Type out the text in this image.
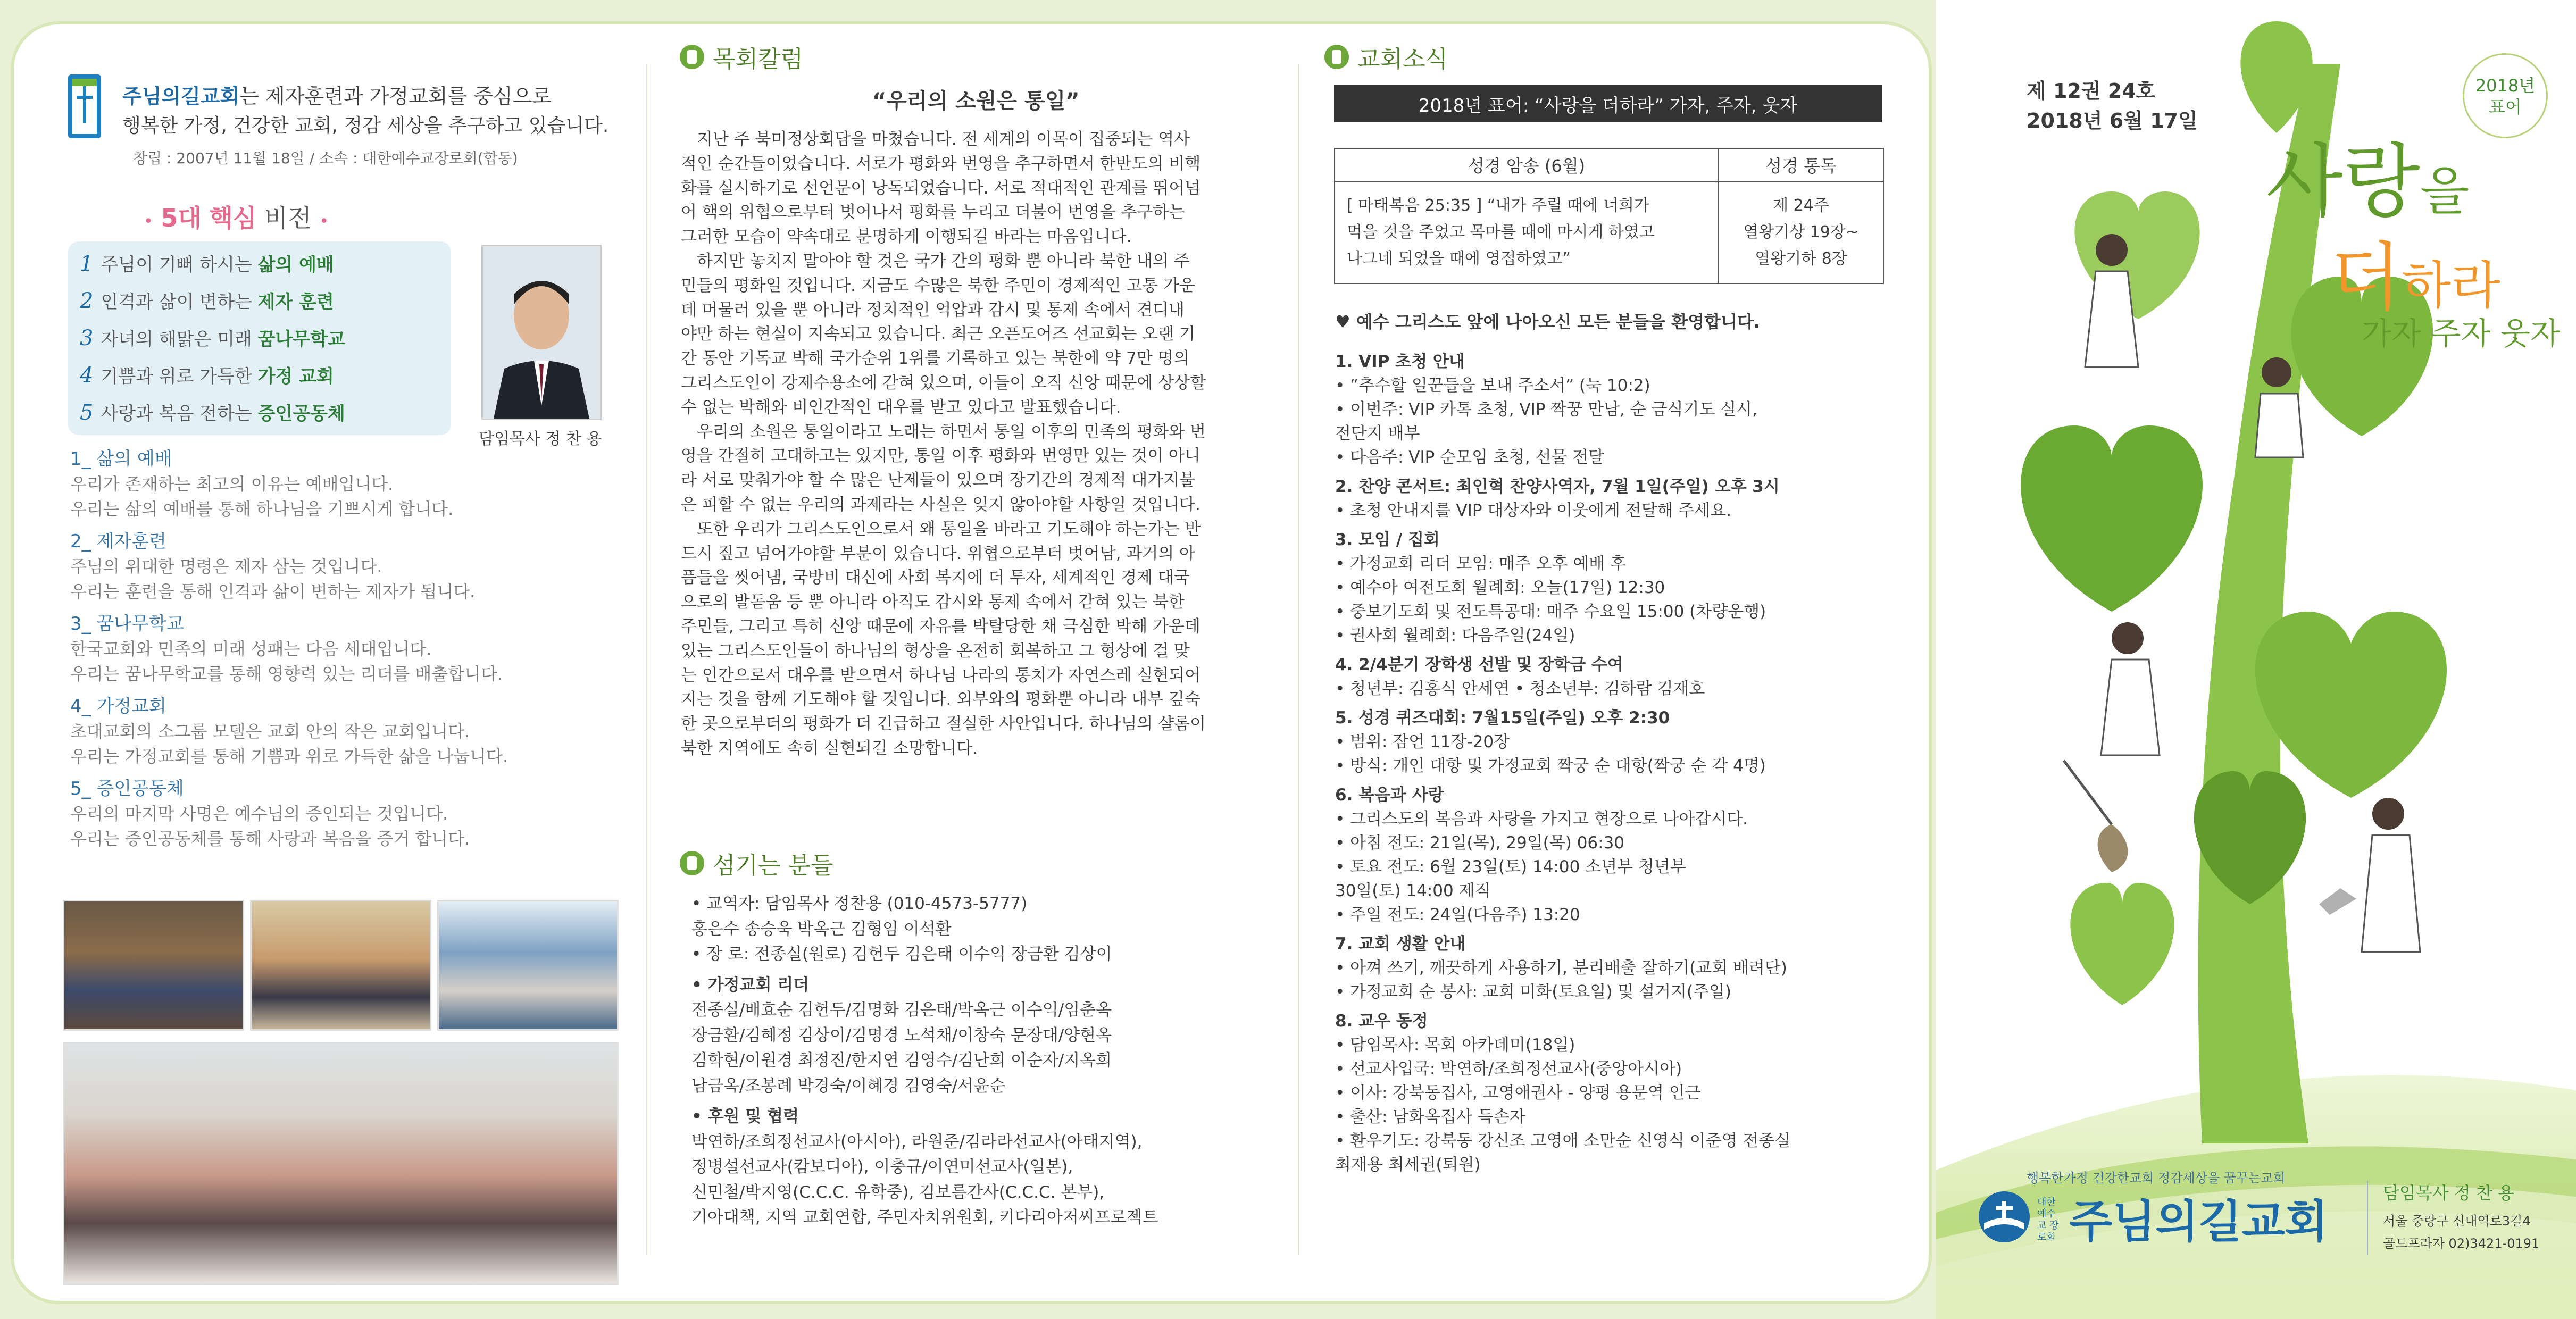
주님의길교회는 제자훈련과 가정교회를 중심으로
행복한 가정, 건강한 교회, 정감 세상을 추구하고 있습니다.
창립 : 2007년 11월 18일 / 소속 : 대한예수교장로회(합동)
• 5대 핵심 비전 •
1 주님이 기뻐 하시는 삶의 예배
2 인격과 삶이 변하는 제자 훈련
3 자녀의 해맑은 미래 꿈나무학교
4 기쁨과 위로 가득한 가정 교회
5 사랑과 복음 전하는 증인공동체
담임목사 정 찬 용
1_ 삶의 예배
우리가 존재하는 최고의 이유는 예배입니다.
우리는 삶의 예배를 통해 하나님을 기쁘시게 합니다.
2_ 제자훈련
주님의 위대한 명령은 제자 삼는 것입니다.
우리는 훈련을 통해 인격과 삶이 변하는 제자가 됩니다.
3_ 꿈나무학교
한국교회와 민족의 미래 성패는 다음 세대입니다.
우리는 꿈나무학교를 통해 영향력 있는 리더를 배출합니다.
4_ 가정교회
초대교회의 소그룹 모델은 교회 안의 작은 교회입니다.
우리는 가정교회를 통해 기쁨과 위로 가득한 삶을 나눕니다.
5_ 증인공동체
우리의 마지막 사명은 예수님의 증인되는 것입니다.
우리는 증인공동체를 통해 사랑과 복음을 증거 합니다.
목회칼럼
“우리의 소원은 통일”
지난 주 북미정상회담을 마쳤습니다. 전 세계의 이목이 집중되는 역사
적인 순간들이었습니다. 서로가 평화와 번영을 추구하면서 한반도의 비핵
화를 실시하기로 선언문이 낭독되었습니다. 서로 적대적인 관계를 뛰어넘
어 핵의 위협으로부터 벗어나서 평화를 누리고 더불어 번영을 추구하는
그러한 모습이 약속대로 분명하게 이행되길 바라는 마음입니다.
하지만 놓치지 말아야 할 것은 국가 간의 평화 뿐 아니라 북한 내의 주
민들의 평화일 것입니다. 지금도 수많은 북한 주민이 경제적인 고통 가운
데 머물러 있을 뿐 아니라 정치적인 억압과 감시 및 통제 속에서 견디내
야만 하는 현실이 지속되고 있습니다. 최근 오픈도어즈 선교회는 오랜 기
간 동안 기독교 박해 국가순위 1위를 기록하고 있는 북한에 약 7만 명의
그리스도인이 강제수용소에 갇혀 있으며, 이들이 오직 신앙 때문에 상상할
수 없는 박해와 비인간적인 대우를 받고 있다고 발표했습니다.
우리의 소원은 통일이라고 노래는 하면서 통일 이후의 민족의 평화와 번
영을 간절히 고대하고는 있지만, 통일 이후 평화와 번영만 있는 것이 아니
라 서로 맞춰가야 할 수 많은 난제들이 있으며 장기간의 경제적 대가지불
은 피할 수 없는 우리의 과제라는 사실은 잊지 않아야할 사항일 것입니다.
또한 우리가 그리스도인으로서 왜 통일을 바라고 기도해야 하는가는 반
드시 짚고 넘어가야할 부분이 있습니다. 위협으로부터 벗어남, 과거의 아
픔들을 씻어냄, 국방비 대신에 사회 복지에 더 투자, 세계적인 경제 대국
으로의 발돋움 등 뿐 아니라 아직도 감시와 통제 속에서 갇혀 있는 북한
주민들, 그리고 특히 신앙 때문에 자유를 박탈당한 채 극심한 박해 가운데
있는 그리스도인들이 하나님의 형상을 온전히 회복하고 그 형상에 걸 맞
는 인간으로서 대우를 받으면서 하나님 나라의 통치가 자연스레 실현되어
지는 것을 함께 기도해야 할 것입니다. 외부와의 평화뿐 아니라 내부 깊숙
한 곳으로부터의 평화가 더 긴급하고 절실한 사안입니다. 하나님의 샬롬이
북한 지역에도 속히 실현되길 소망합니다.
섬기는 분들
• 교역자: 담임목사 정찬용 (010-4573-5777)
홍은수 송승욱 박옥근 김형임 이석환
• 장 로: 전종실(원로) 김헌두 김은태 이수익 장금환 김상이
• 가정교회 리더
전종실/배효순 김헌두/김명화 김은태/박옥근 이수익/임춘옥
장금환/김혜정 김상이/김명경 노석채/이창숙 문장대/양현옥
김학현/이원경 최정진/한지연 김영수/김난희 이순자/지옥희
남금옥/조봉례 박경숙/이혜경 김영숙/서윤순
• 후원 및 협력
박연하/조희정선교사(아시아), 라원준/김라라선교사(아태지역),
정병설선교사(캄보디아), 이충규/이연미선교사(일본),
신민철/박지영(C.C.C. 유학중), 김보름간사(C.C.C. 본부),
기아대책, 지역 교회연합, 주민자치위원회, 키다리아저씨프로젝트
교회소식
2018년 표어: “사랑을 더하라” 가자, 주자, 웃자
성경 암송 (6월)	성경 통독
[ 마태복음 25:35 ] “내가 주릴 때에 너희가
먹을 것을 주었고 목마를 때에 마시게 하였고
나그네 되었을 때에 영접하였고”
제 24주
열왕기상 19장~
열왕기하 8장
♥ 예수 그리스도 앞에 나아오신 모든 분들을 환영합니다.
1. VIP 초청 안내
• “추수할 일꾼들을 보내 주소서” (눅 10:2)
• 이번주: VIP 카톡 초청, VIP 짝꿍 만남, 순 금식기도 실시,
전단지 배부
• 다음주: VIP 순모임 초청, 선물 전달
2. 찬양 콘서트: 최인혁 찬양사역자, 7월 1일(주일) 오후 3시
• 초청 안내지를 VIP 대상자와 이웃에게 전달해 주세요.
3. 모임 / 집회
• 가정교회 리더 모임: 매주 오후 예배 후
• 예수아 여전도회 월례회: 오늘(17일) 12:30
• 중보기도회 및 전도특공대: 매주 수요일 15:00 (차량운행)
• 권사회 월례회: 다음주일(24일)
4. 2/4분기 장학생 선발 및 장학금 수여
• 청년부: 김홍식 안세연 • 청소년부: 김하람 김재호
5. 성경 퀴즈대회: 7월15일(주일) 오후 2:30
• 범위: 잠언 11장-20장
• 방식: 개인 대항 및 가정교회 짝궁 순 대항(짝궁 순 각 4명)
6. 복음과 사랑
• 그리스도의 복음과 사랑을 가지고 현장으로 나아갑시다.
• 아침 전도: 21일(목), 29일(목) 06:30
• 토요 전도: 6월 23일(토) 14:00 소년부 청년부
30일(토) 14:00 제직
• 주일 전도: 24일(다음주) 13:20
7. 교회 생활 안내
• 아껴 쓰기, 깨끗하게 사용하기, 분리배출 잘하기(교회 배려단)
• 가정교회 순 봉사: 교회 미화(토요일) 및 설거지(주일)
8. 교우 동정
• 담임목사: 목회 아카데미(18일)
• 선교사입국: 박연하/조희정선교사(중앙아시아)
• 이사: 강북동집사, 고영애권사 - 양평 용문역 인근
• 출산: 남화옥집사 득손자
• 환우기도: 강북동 강신조 고영애 소만순 신영식 이준영 전종실
최재용 최세권(퇴원)
제 12권 24호
2018년 6월 17일
2018년
표어
사랑을
더하라
가자 주자 웃자
행복한가정 건강한교회 정감세상을 꿈꾸는교회
대한예수교 장로회 주님의길교회
담임목사 정 찬 용
서울 중랑구 신내역로3길4
골드프라자 02)3421-0191
